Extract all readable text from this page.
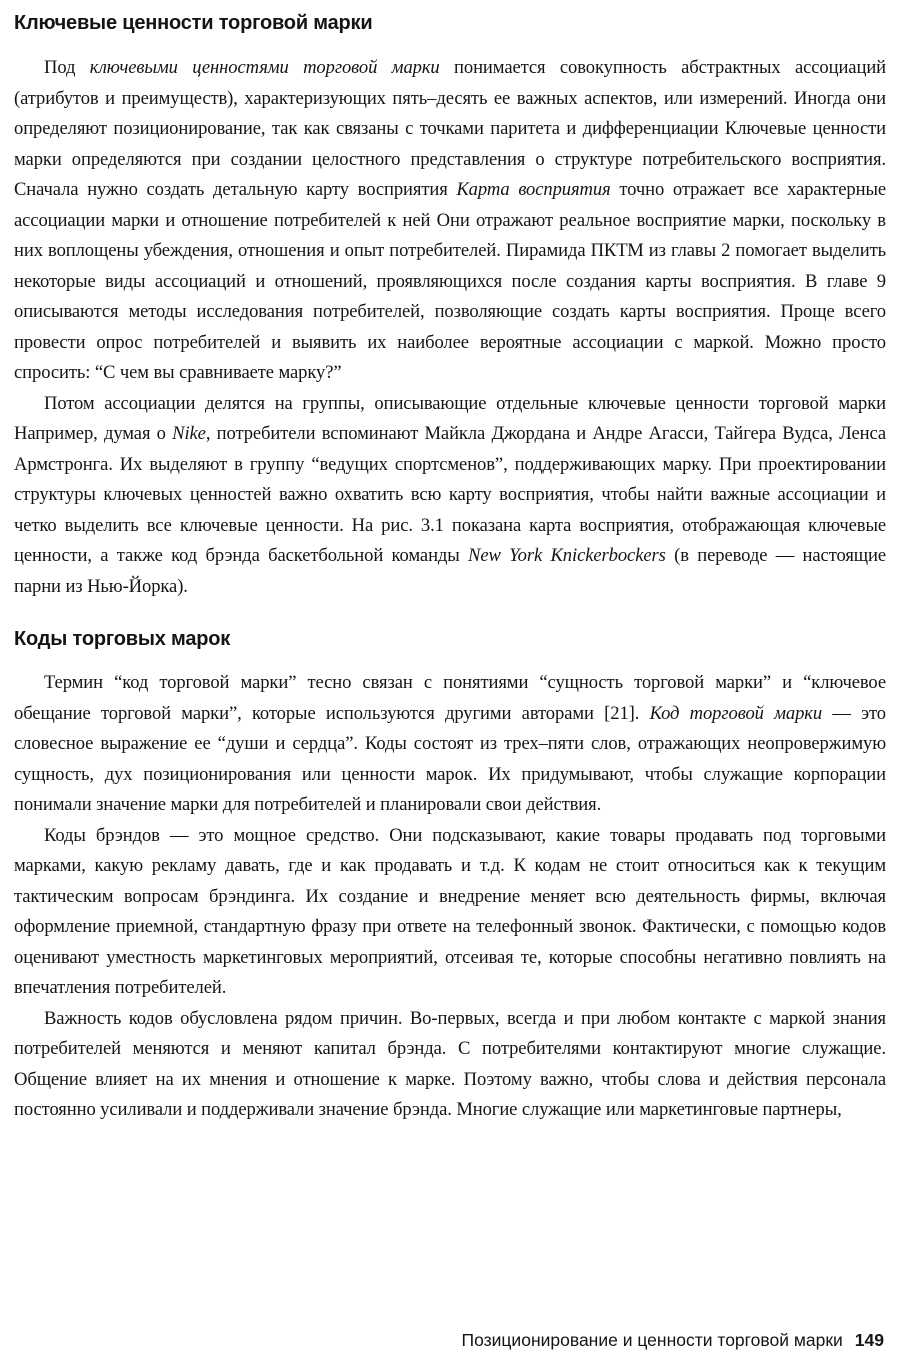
Ключевые ценности торговой марки

Под ключевыми ценностями торговой марки понимается совокупность абстрактных ассоциаций (атрибутов и преимуществ), характеризующих пять–десять ее важных аспектов, или измерений. Иногда они определяют позиционирование, так как связаны с точками паритета и дифференциации Ключевые ценности марки определяются при создании целостного представления о структуре потребительского восприятия. Сначала нужно создать детальную карту восприятия Карта восприятия точно отражает все характерные ассоциации марки и отношение потребителей к ней Они отражают реальное восприятие марки, поскольку в них воплощены убеждения, отношения и опыт потребителей. Пирамида ПКТМ из главы 2 помогает выделить некоторые виды ассоциаций и отношений, проявляющихся после создания карты восприятия. В главе 9 описываются методы исследования потребителей, позволяющие создать карты восприятия. Проще всего провести опрос потребителей и выявить их наиболее вероятные ассоциации с маркой. Можно просто спросить: “С чем вы сравниваете марку?”

Потом ассоциации делятся на группы, описывающие отдельные ключевые ценности торговой марки Например, думая о Nike, потребители вспоминают Майкла Джордана и Андре Агасси, Тайгера Вудса, Ленса Армстронга. Их выделяют в группу “ведущих спортсменов”, поддерживающих марку. При проектировании структуры ключевых ценностей важно охватить всю карту восприятия, чтобы найти важные ассоциации и четко выделить все ключевые ценности. На рис. 3.1 показана карта восприятия, отображающая ключевые ценности, а также код брэнда баскетбольной команды New York Knickerbockers (в переводе — настоящие парни из Нью-Йорка).

Коды торговых марок

Термин “код торговой марки” тесно связан с понятиями “сущность торговой марки” и “ключевое обещание торговой марки”, которые используются другими авторами [21]. Код торговой марки — это словесное выражение ее “души и сердца”. Коды состоят из трех–пяти слов, отражающих неопровержимую сущность, дух позиционирования или ценности марок. Их придумывают, чтобы служащие корпорации понимали значение марки для потребителей и планировали свои действия.

Коды брэндов — это мощное средство. Они подсказывают, какие товары продавать под торговыми марками, какую рекламу давать, где и как продавать и т.д. К кодам не стоит относиться как к текущим тактическим вопросам брэндинга. Их создание и внедрение меняет всю деятельность фирмы, включая оформление приемной, стандартную фразу при ответе на телефонный звонок. Фактически, с помощью кодов оценивают уместность маркетинговых мероприятий, отсеивая те, которые способны негативно повлиять на впечатления потребителей.

Важность кодов обусловлена рядом причин. Во-первых, всегда и при любом контакте с маркой знания потребителей меняются и меняют капитал брэнда. С потребителями контактируют многие служащие. Общение влияет на их мнения и отношение к марке. Поэтому важно, чтобы слова и действия персонала постоянно усиливали и поддерживали значение брэнда. Многие служащие или маркетинговые партнеры,

Позиционирование и ценности торговой марки 149
